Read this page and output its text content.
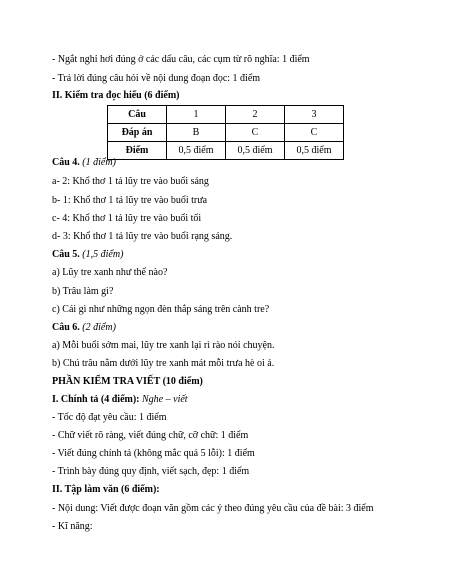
- Ngắt nghỉ hơi đúng ở các dấu câu, các cụm từ rõ nghĩa: 1 điểm
- Trả lời đúng câu hỏi về nội dung đoạn đọc: 1 điểm
II. Kiểm tra đọc hiểu (6 điểm)
Câu	1	2	3
Đáp án	B	C	C
Điểm	0,5 điểm	0,5 điểm	0,5 điểm
Câu 4. (1 điểm)
a- 2: Khổ thơ 1 tả lũy tre vào buổi sáng
b- 1: Khổ thơ 1 tả lũy tre vào buổi trưa
c- 4: Khổ thơ 1 tả lũy tre vào buổi tối
d- 3: Khổ thơ 1 tả lũy tre vào buổi rạng sáng.
Câu 5. (1,5 điểm)
a) Lũy tre xanh như thế nào?
b) Trâu làm gì?
c) Cái gì như những ngọn đèn thắp sáng trên cành tre?
Câu 6. (2 điểm)
a) Mỗi buổi sớm mai, lũy tre xanh lại rì rào nói chuyện.
b) Chú trâu nằm dưới lũy tre xanh mát mỗi trưa hè oi ả.
PHẦN KIỂM TRA VIẾT (10 điểm)
I. Chính tả (4 điểm): Nghe – viết
- Tốc độ đạt yêu cầu: 1 điểm
- Chữ viết rõ ràng, viết đúng chữ, cỡ chữ: 1 điểm
- Viết đúng chính tả (không mắc quá 5 lỗi): 1 điểm
- Trình bày đúng quy định, viết sạch, đẹp: 1 điểm
II. Tập làm văn (6 điểm):
- Nội dung: Viết được đoạn văn gồm các ý theo đúng yêu cầu của đề bài: 3 điểm
- Kĩ năng:
